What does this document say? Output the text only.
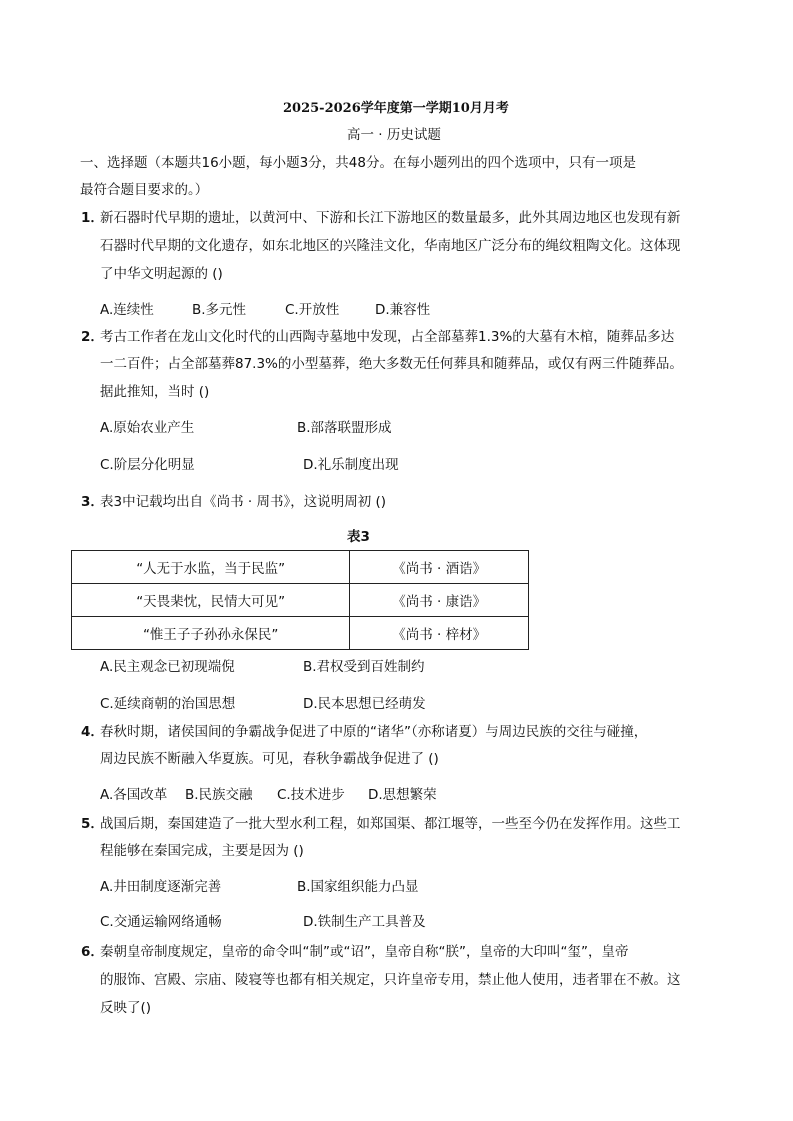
2025-2026学年度第一学期10月月考
高一 · 历史试题
一、选择题（本题共16小题，每小题3分，共48分。在每小题列出的四个选项中，只有一项是
最符合题目要求的。）
1．
新石器时代早期的遗址，以黄河中、下游和长江下游地区的数量最多，此外其周边地区也发现有新
石器时代早期的文化遗存，如东北地区的兴隆洼文化，华南地区广泛分布的绳纹粗陶文化。这体现
了中华文明起源的 ()
A.连续性	B.多元性	C.开放性	D.兼容性
2．
考古工作者在龙山文化时代的山西陶寺墓地中发现，占全部墓葬1.3%的大墓有木棺，随葬品多达
一二百件；占全部墓葬87.3%的小型墓葬，绝大多数无任何葬具和随葬品，或仅有两三件随葬品。
据此推知，当时 ()
A.原始农业产生	B.部落联盟形成
C.阶层分化明显	D.礼乐制度出现
3．
表3中记载均出自《尚书 · 周书》，这说明周初 ()
表3
“人无于水监，当于民监”	《尚书 · 酒诰》
“天畏棐忱，民情大可见”	《尚书 · 康诰》
“惟王子子孙孙永保民”	《尚书 · 梓材》
A.民主观念已初现端倪	B.君权受到百姓制约
C.延续商朝的治国思想	D.民本思想已经萌发
4．
春秋时期，诸侯国间的争霸战争促进了中原的“诸华”（亦称诸夏）与周边民族的交往与碰撞，
周边民族不断融入华夏族。可见，春秋争霸战争促进了 ()
A.各国改革 B.民族交融 C.技术进步 D.思想繁荣
5．
战国后期，秦国建造了一批大型水利工程，如郑国渠、都江堰等，一些至今仍在发挥作用。这些工
程能够在秦国完成，主要是因为 ()
A.井田制度逐渐完善	B.国家组织能力凸显
C.交通运输网络通畅	D.铁制生产工具普及
6．
秦朝皇帝制度规定，皇帝的命令叫“制”或“诏”，皇帝自称“朕”，皇帝的大印叫“玺”，皇帝
的服饰、宫殿、宗庙、陵寝等也都有相关规定，只许皇帝专用，禁止他人使用，违者罪在不赦。这
反映了()
